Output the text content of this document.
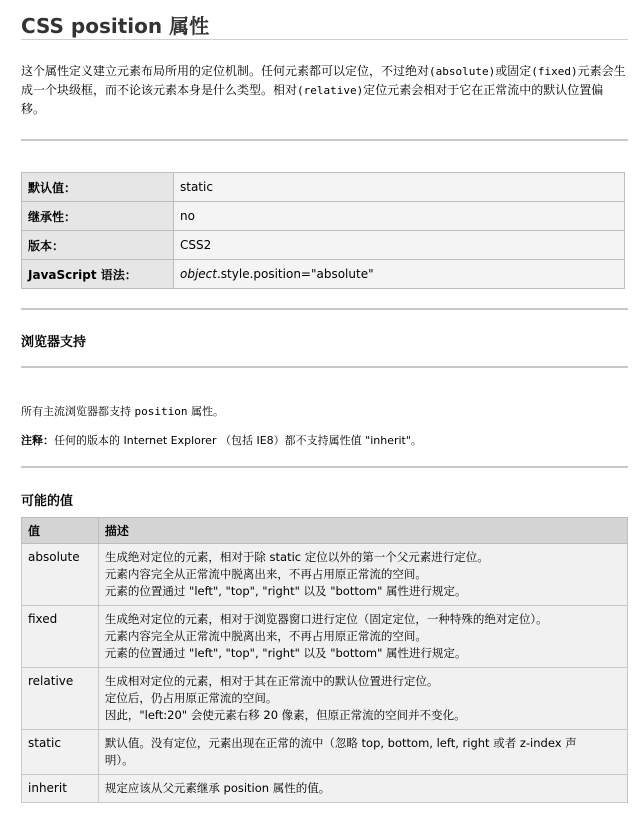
CSS position 属性
这个属性定义建立元素布局所用的定位机制。任何元素都可以定位，不过绝对(absolute)或固定(fixed)元素会生
成一个块级框，而不论该元素本身是什么类型。相对(relative)定位元素会相对于它在正常流中的默认位置偏
移。
默认值：	static
继承性：	no
版本：	CSS2
JavaScript 语法：	object.style.position="absolute"
浏览器支持
所有主流浏览器都支持 position 属性。
注释：任何的版本的 Internet Explorer （包括 IE8）都不支持属性值 "inherit"。
可能的值
值	描述
absolute	生成绝对定位的元素，相对于除 static 定位以外的第一个父元素进行定位。
元素内容完全从正常流中脱离出来，不再占用原正常流的空间。
元素的位置通过 "left", "top", "right" 以及 "bottom" 属性进行规定。

fixed	生成绝对定位的元素，相对于浏览器窗口进行定位（固定定位，一种特殊的绝对定位）。
元素内容完全从正常流中脱离出来，不再占用原正常流的空间。
元素的位置通过 "left", "top", "right" 以及 "bottom" 属性进行规定。

relative	生成相对定位的元素，相对于其在正常流中的默认位置进行定位。
定位后，仍占用原正常流的空间。
因此，"left:20" 会使元素右移 20 像素，但原正常流的空间并不变化。

static	默认值。没有定位，元素出现在正常的流中（忽略 top, bottom, left, right 或者 z-index 声
明）。

inherit	规定应该从父元素继承 position 属性的值。
